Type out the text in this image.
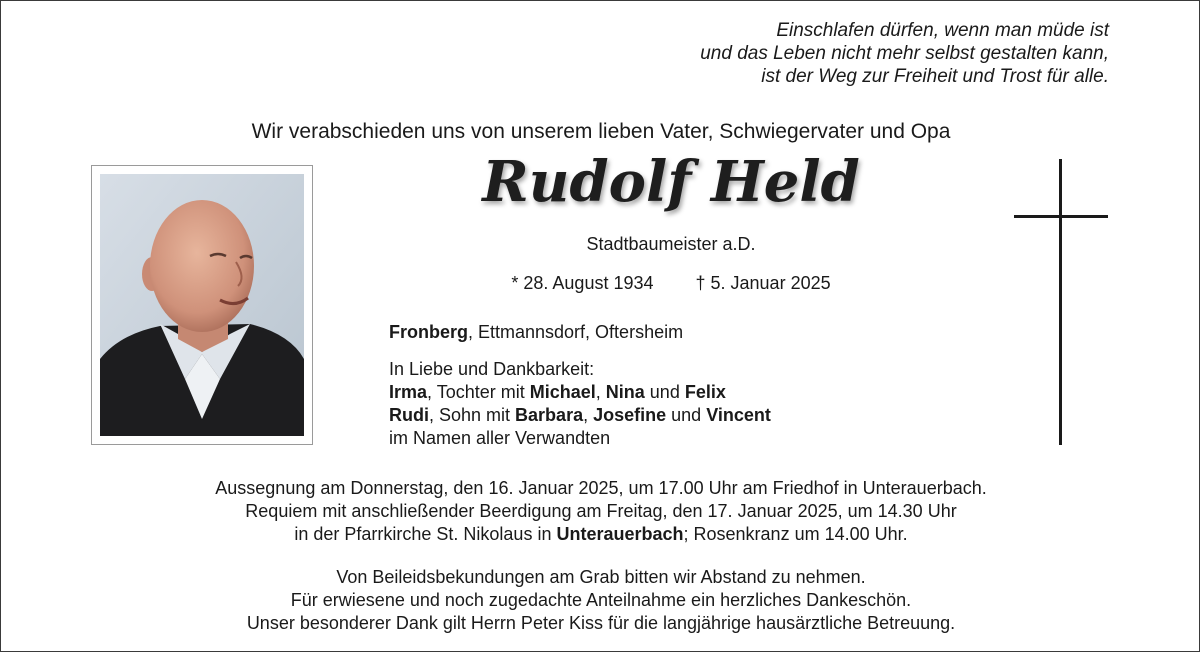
Einschlafen dürfen, wenn man müde ist
und das Leben nicht mehr selbst gestalten kann,
ist der Weg zur Freiheit und Trost für alle.
Wir verabschieden uns von unserem lieben Vater, Schwiegervater und Opa
Rudolf Held
Stadtbaumeister a.D.
* 28. August 1934 † 5. Januar 2025
Fronberg, Ettmannsdorf, Oftersheim
In Liebe und Dankbarkeit:
Irma, Tochter mit Michael, Nina und Felix
Rudi, Sohn mit Barbara, Josefine und Vincent
im Namen aller Verwandten
Aussegnung am Donnerstag, den 16. Januar 2025, um 17.00 Uhr am Friedhof in Unterauerbach.
Requiem mit anschließender Beerdigung am Freitag, den 17. Januar 2025, um 14.30 Uhr
in der Pfarrkirche St. Nikolaus in Unterauerbach; Rosenkranz um 14.00 Uhr.
Von Beileidsbekundungen am Grab bitten wir Abstand zu nehmen.
Für erwiesene und noch zugedachte Anteilnahme ein herzliches Dankeschön.
Unser besonderer Dank gilt Herrn Peter Kiss für die langjährige hausärztliche Betreuung.
